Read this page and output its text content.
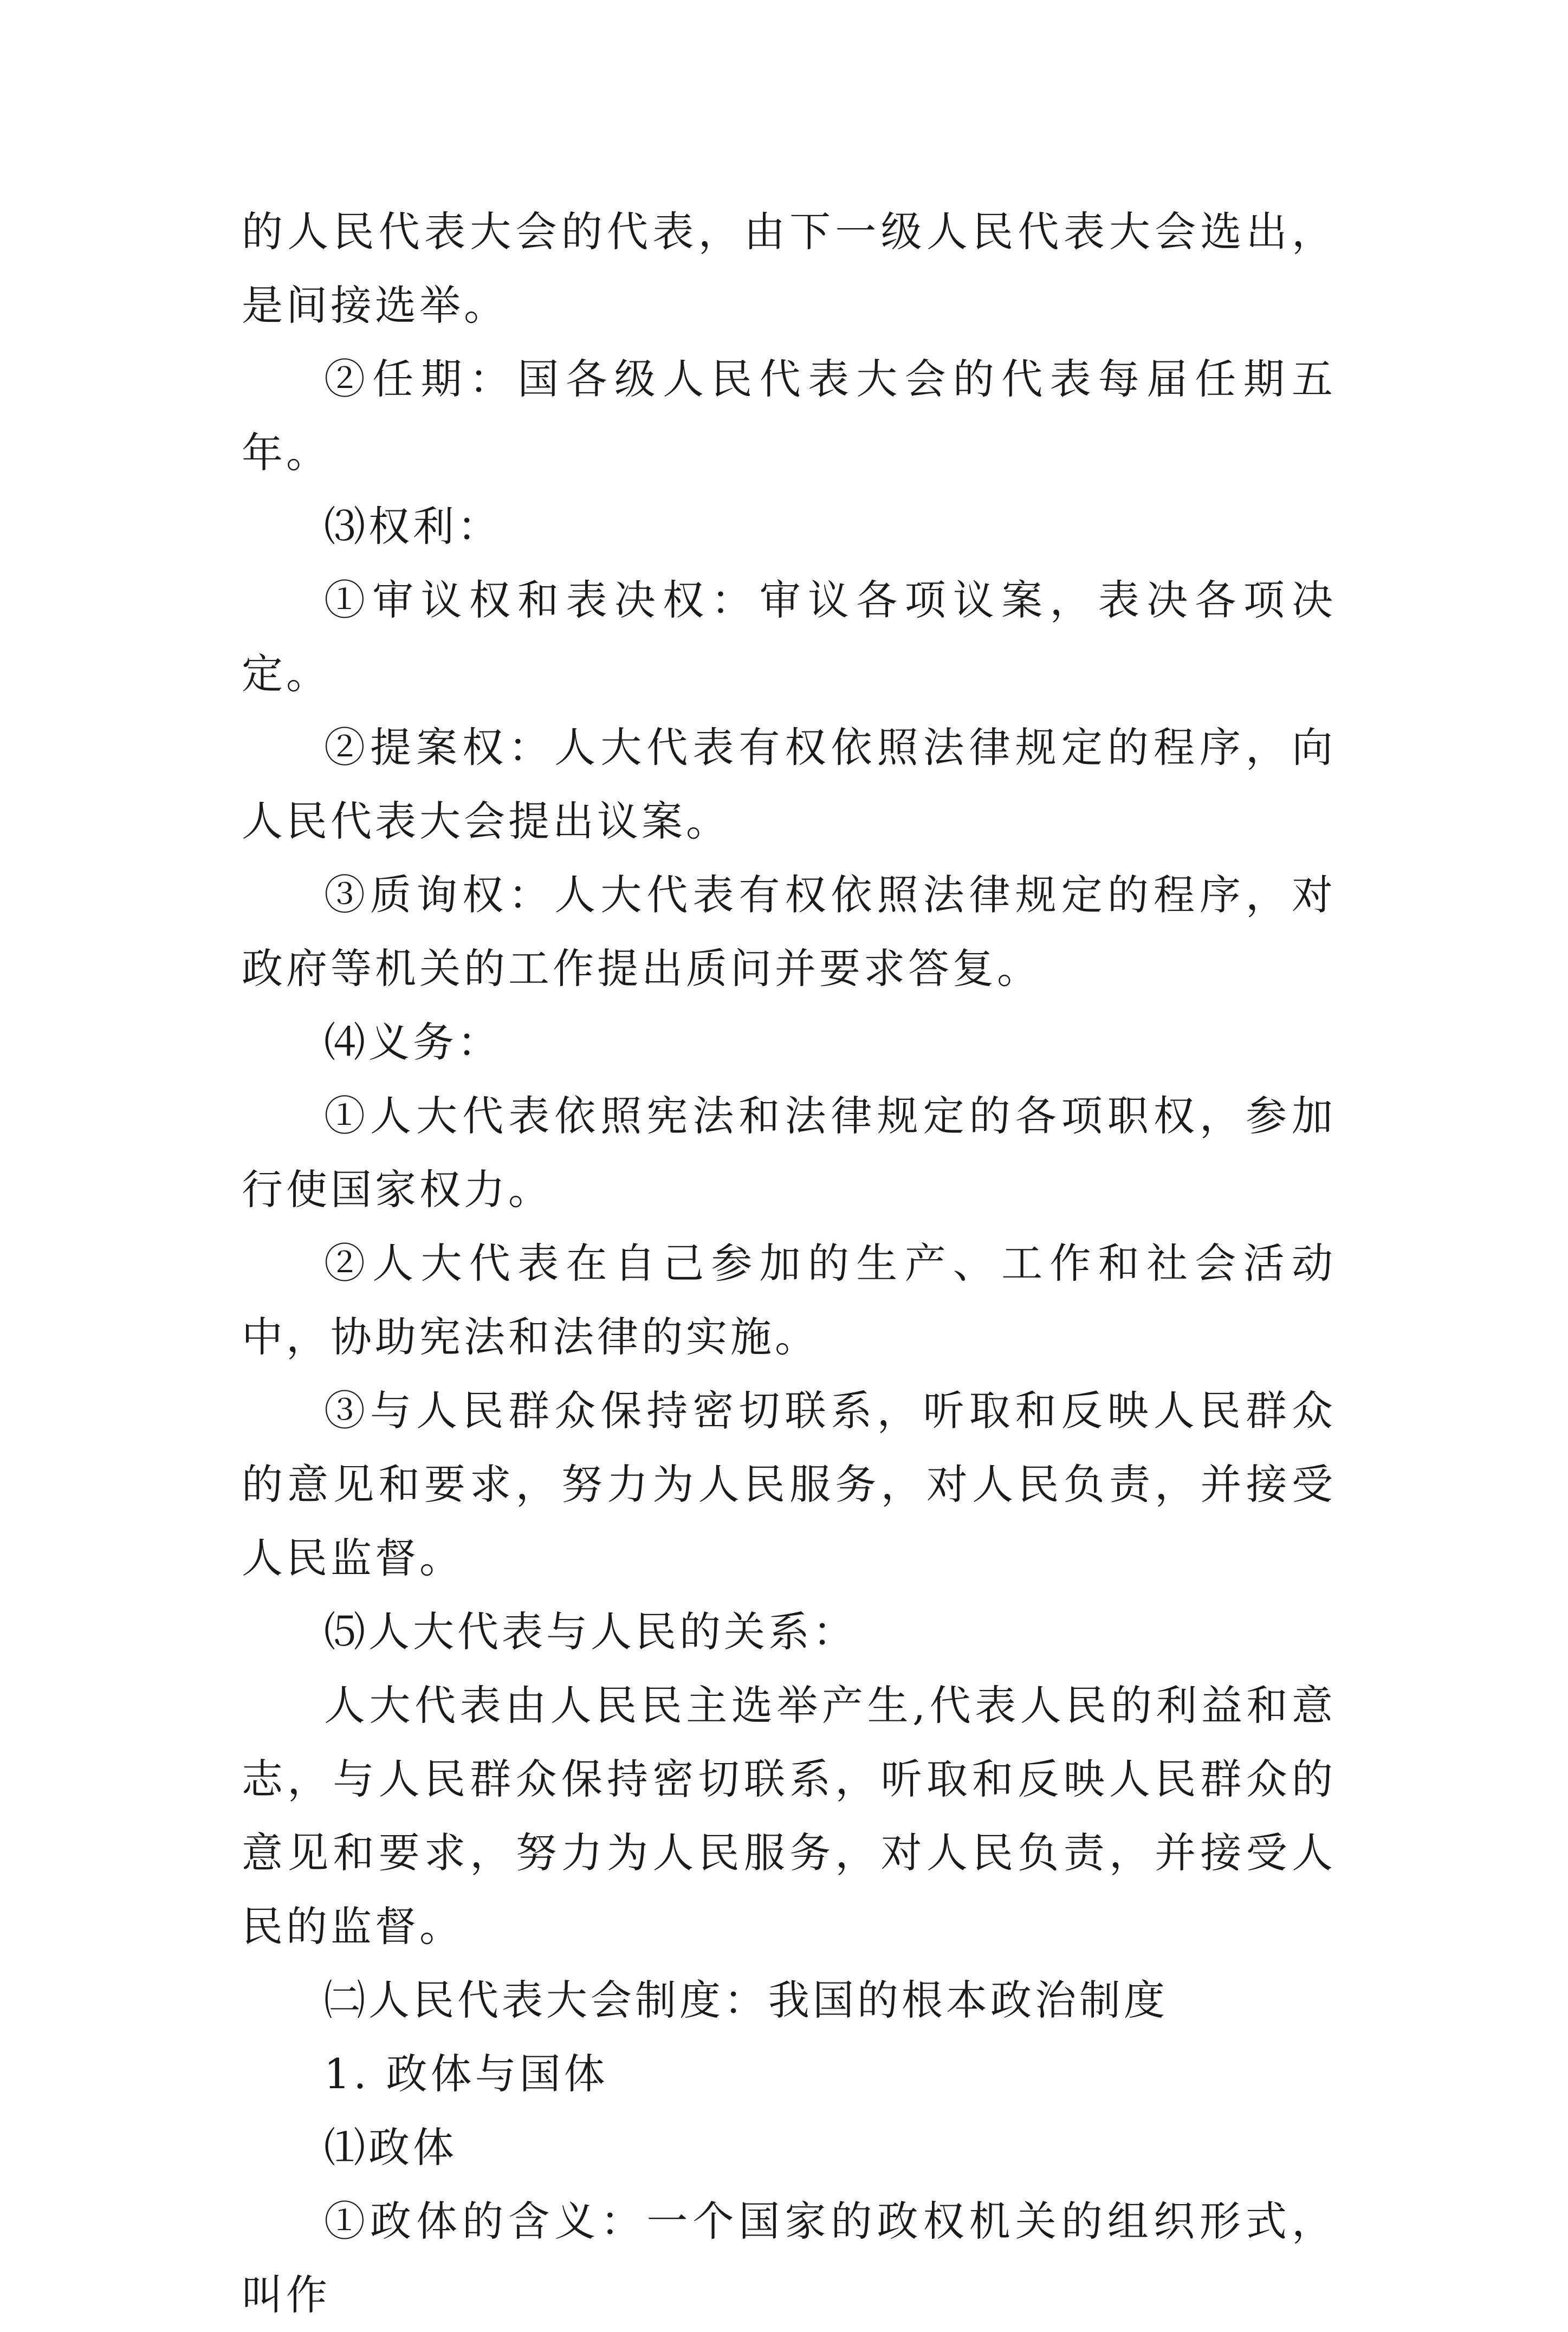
的人民代表大会的代表，由下一级人民代表大会选出，是间接选举。

②任期：国各级人民代表大会的代表每届任期五年。

⑶权利：

①审议权和表决权：审议各项议案，表决各项决定。

②提案权：人大代表有权依照法律规定的程序，向人民代表大会提出议案。

③质询权：人大代表有权依照法律规定的程序，对政府等机关的工作提出质问并要求答复。

⑷义务：

①人大代表依照宪法和法律规定的各项职权，参加行使国家权力。

②人大代表在自己参加的生产、工作和社会活动中，协助宪法和法律的实施。

③与人民群众保持密切联系，听取和反映人民群众的意见和要求，努力为人民服务，对人民负责，并接受人民监督。

⑸人大代表与人民的关系：

人大代表由人民民主选举产生,代表人民的利益和意志，与人民群众保持密切联系，听取和反映人民群众的意见和要求，努力为人民服务，对人民负责，并接受人民的监督。

㈡人民代表大会制度：我国的根本政治制度

1. 政体与国体

⑴政体

①政体的含义：一个国家的政权机关的组织形式，叫作
